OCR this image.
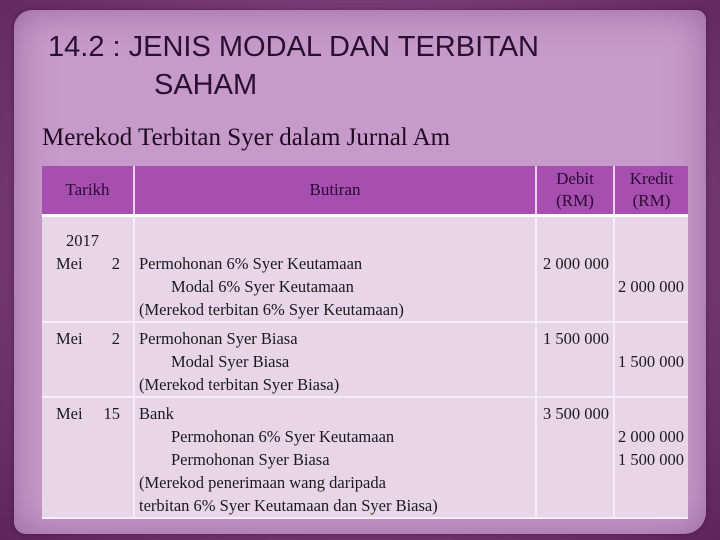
14.2 : JENIS MODAL DAN TERBITAN
SAHAM
Merekod Terbitan Syer dalam Jurnal Am
Tarikh	Butiran	Debit (RM)	Kredit (RM)

2017
Mei 2	Permohonan 6% Syer Keutamaan
Modal 6% Syer Keutamaan
(Merekod terbitan 6% Syer Keutamaan)	2 000 000	2 000 000

Mei 2	Permohonan Syer Biasa
Modal Syer Biasa
(Merekod terbitan Syer Biasa)	1 500 000	1 500 000

Mei 15	Bank
Permohonan 6% Syer Keutamaan
Permohonan Syer Biasa
(Merekod penerimaan wang daripada
terbitan 6% Syer Keutamaan dan Syer Biasa)	3 500 000	2 000 000
1 500 000
